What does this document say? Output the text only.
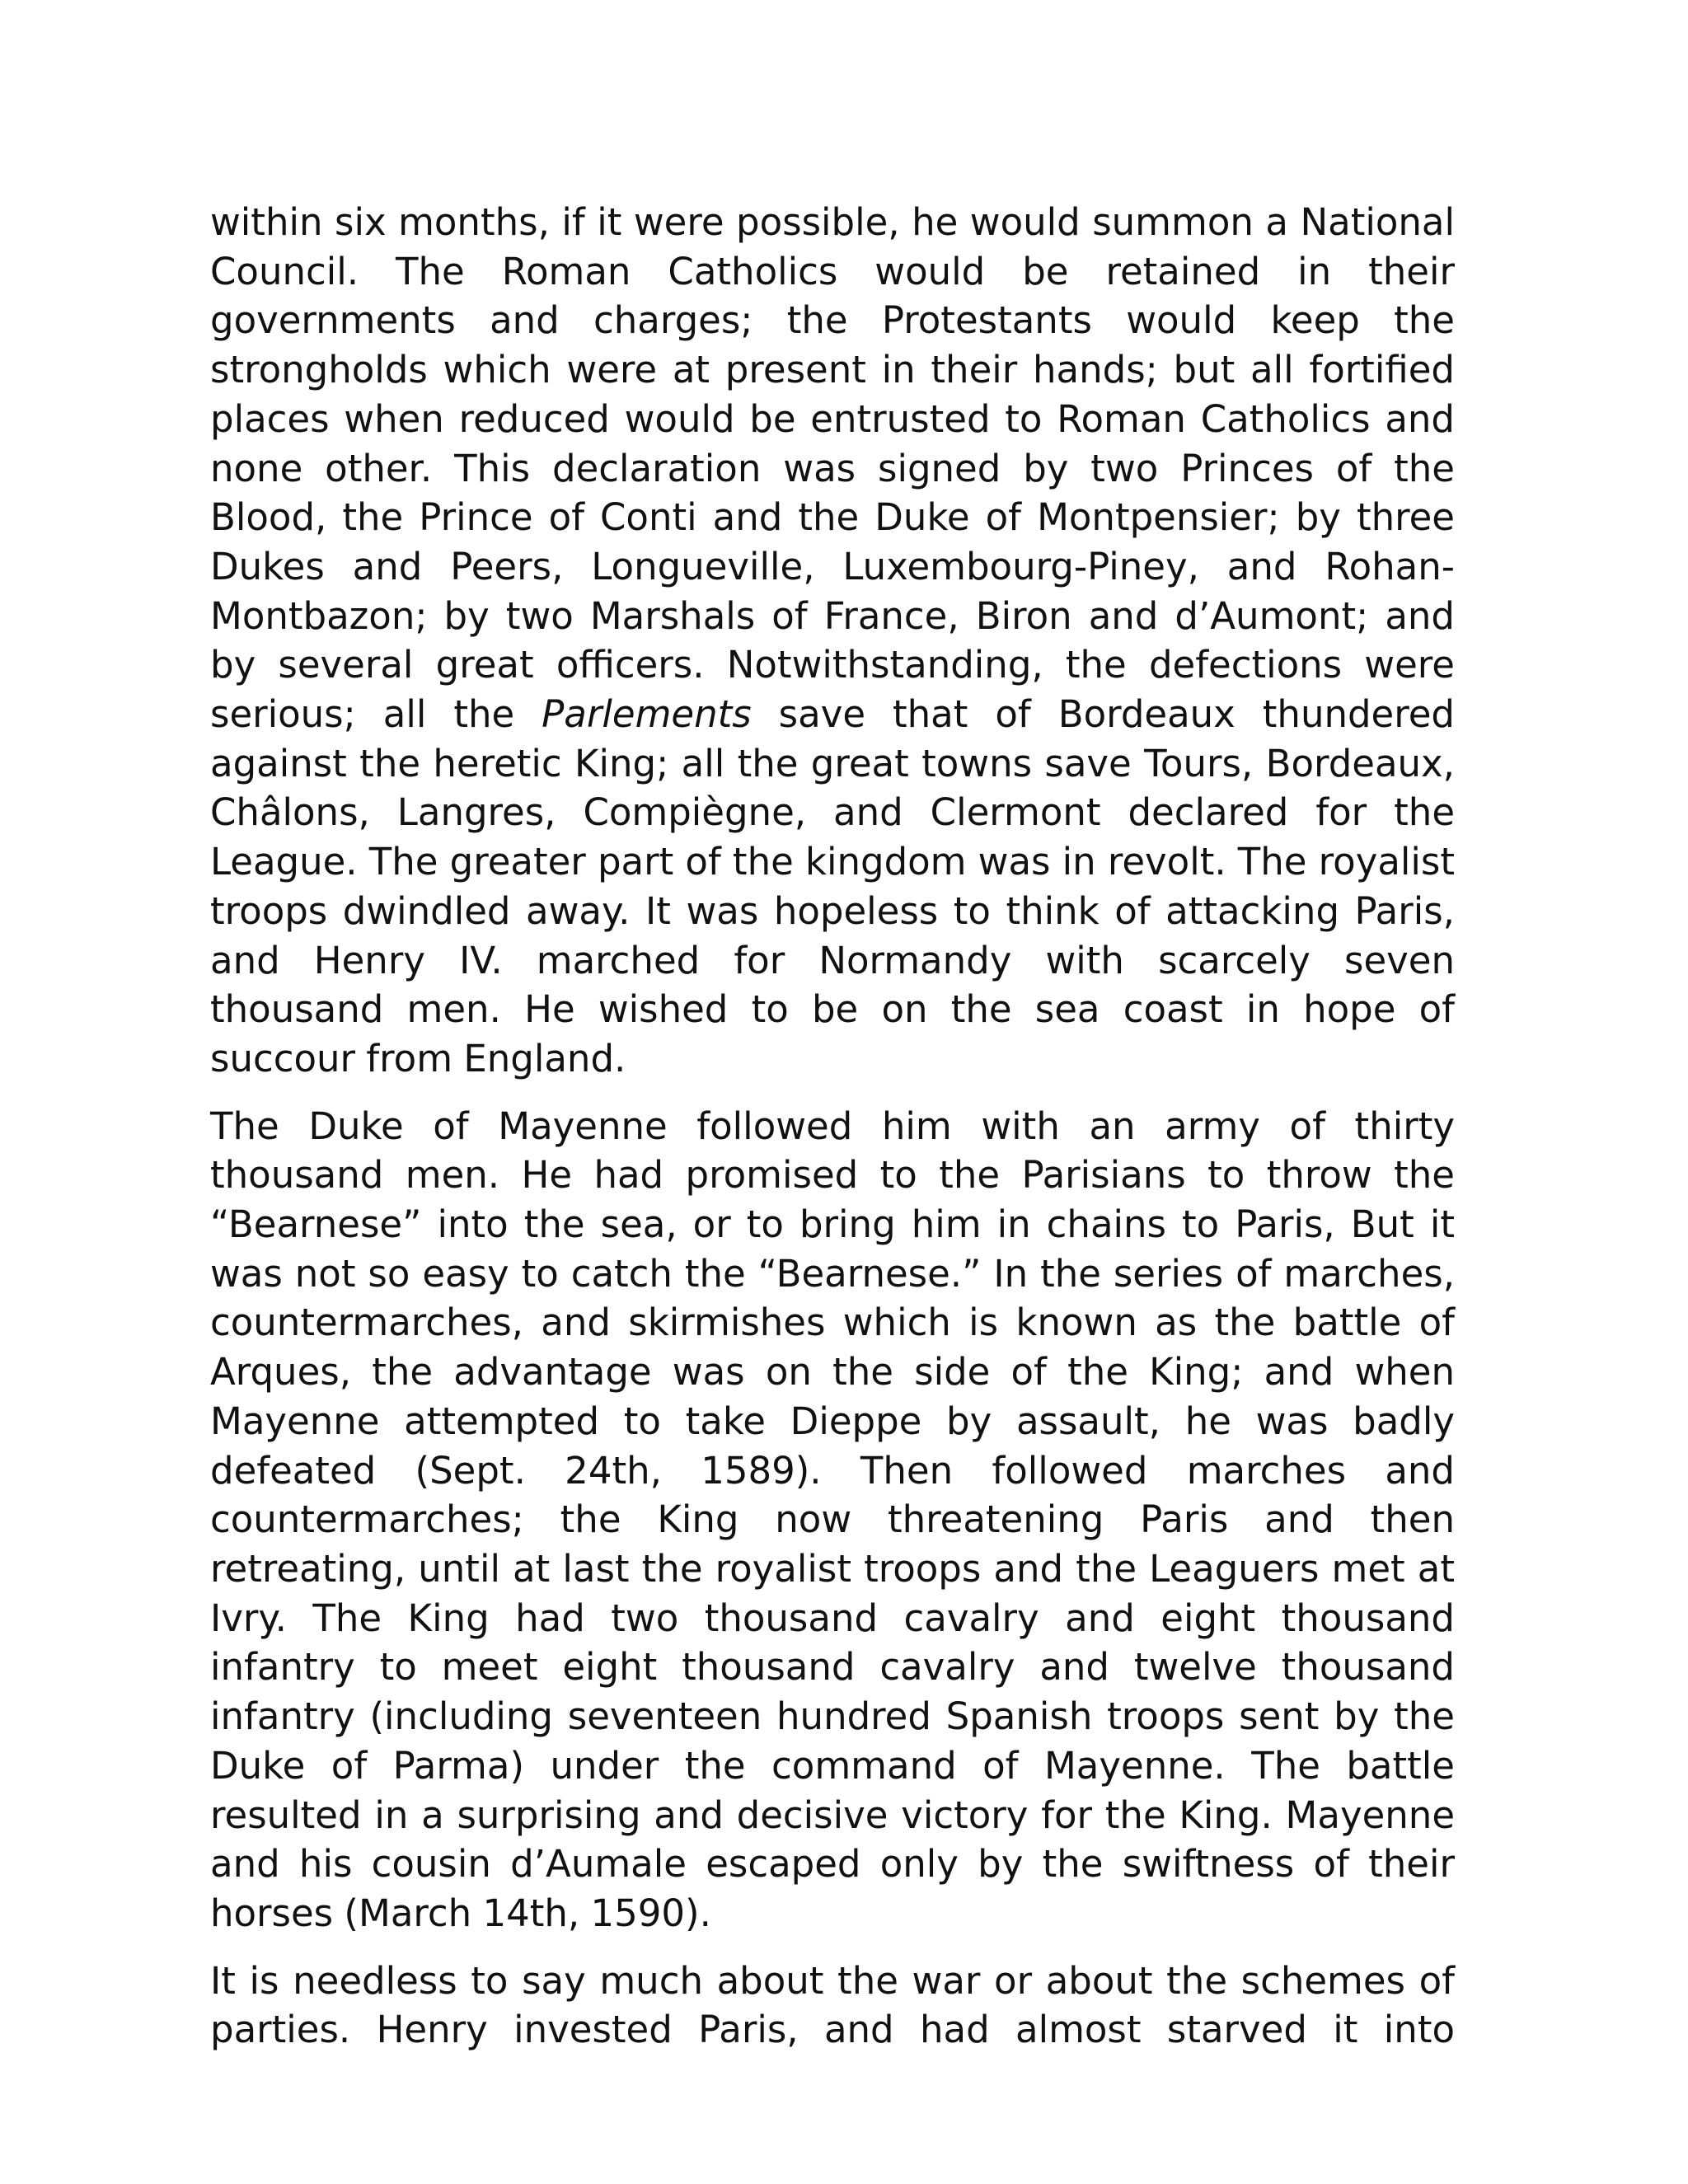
within six months, if it were possible, he would summon a National Council. The Roman Catholics would be retained in their governments and charges; the Protestants would keep the strongholds which were at present in their hands; but all fortified places when reduced would be entrusted to Roman Catholics and none other. This declaration was signed by two Princes of the Blood, the Prince of Conti and the Duke of Montpensier; by three Dukes and Peers, Longueville, Luxembourg-Piney, and Rohan-Montbazon; by two Marshals of France, Biron and d’Aumont; and by several great officers. Notwithstanding, the defections were serious; all the Parlements save that of Bordeaux thundered against the heretic King; all the great towns save Tours, Bordeaux, Châlons, Langres, Compiègne, and Clermont declared for the League. The greater part of the kingdom was in revolt. The royalist troops dwindled away. It was hopeless to think of attacking Paris, and Henry IV. marched for Normandy with scarcely seven thousand men. He wished to be on the sea coast in hope of succour from England.

The Duke of Mayenne followed him with an army of thirty thousand men. He had promised to the Parisians to throw the “Bearnese” into the sea, or to bring him in chains to Paris, But it was not so easy to catch the “Bearnese.” In the series of marches, countermarches, and skirmishes which is known as the battle of Arques, the advantage was on the side of the King; and when Mayenne attempted to take Dieppe by assault, he was badly defeated (Sept. 24th, 1589). Then followed marches and countermarches; the King now threatening Paris and then retreating, until at last the royalist troops and the Leaguers met at Ivry. The King had two thousand cavalry and eight thousand infantry to meet eight thousand cavalry and twelve thousand infantry (including seventeen hundred Spanish troops sent by the Duke of Parma) under the command of Mayenne. The battle resulted in a surprising and decisive victory for the King. Mayenne and his cousin d’Aumale escaped only by the swiftness of their horses (March 14th, 1590).

It is needless to say much about the war or about the schemes of parties. Henry invested Paris, and had almost starved it into
